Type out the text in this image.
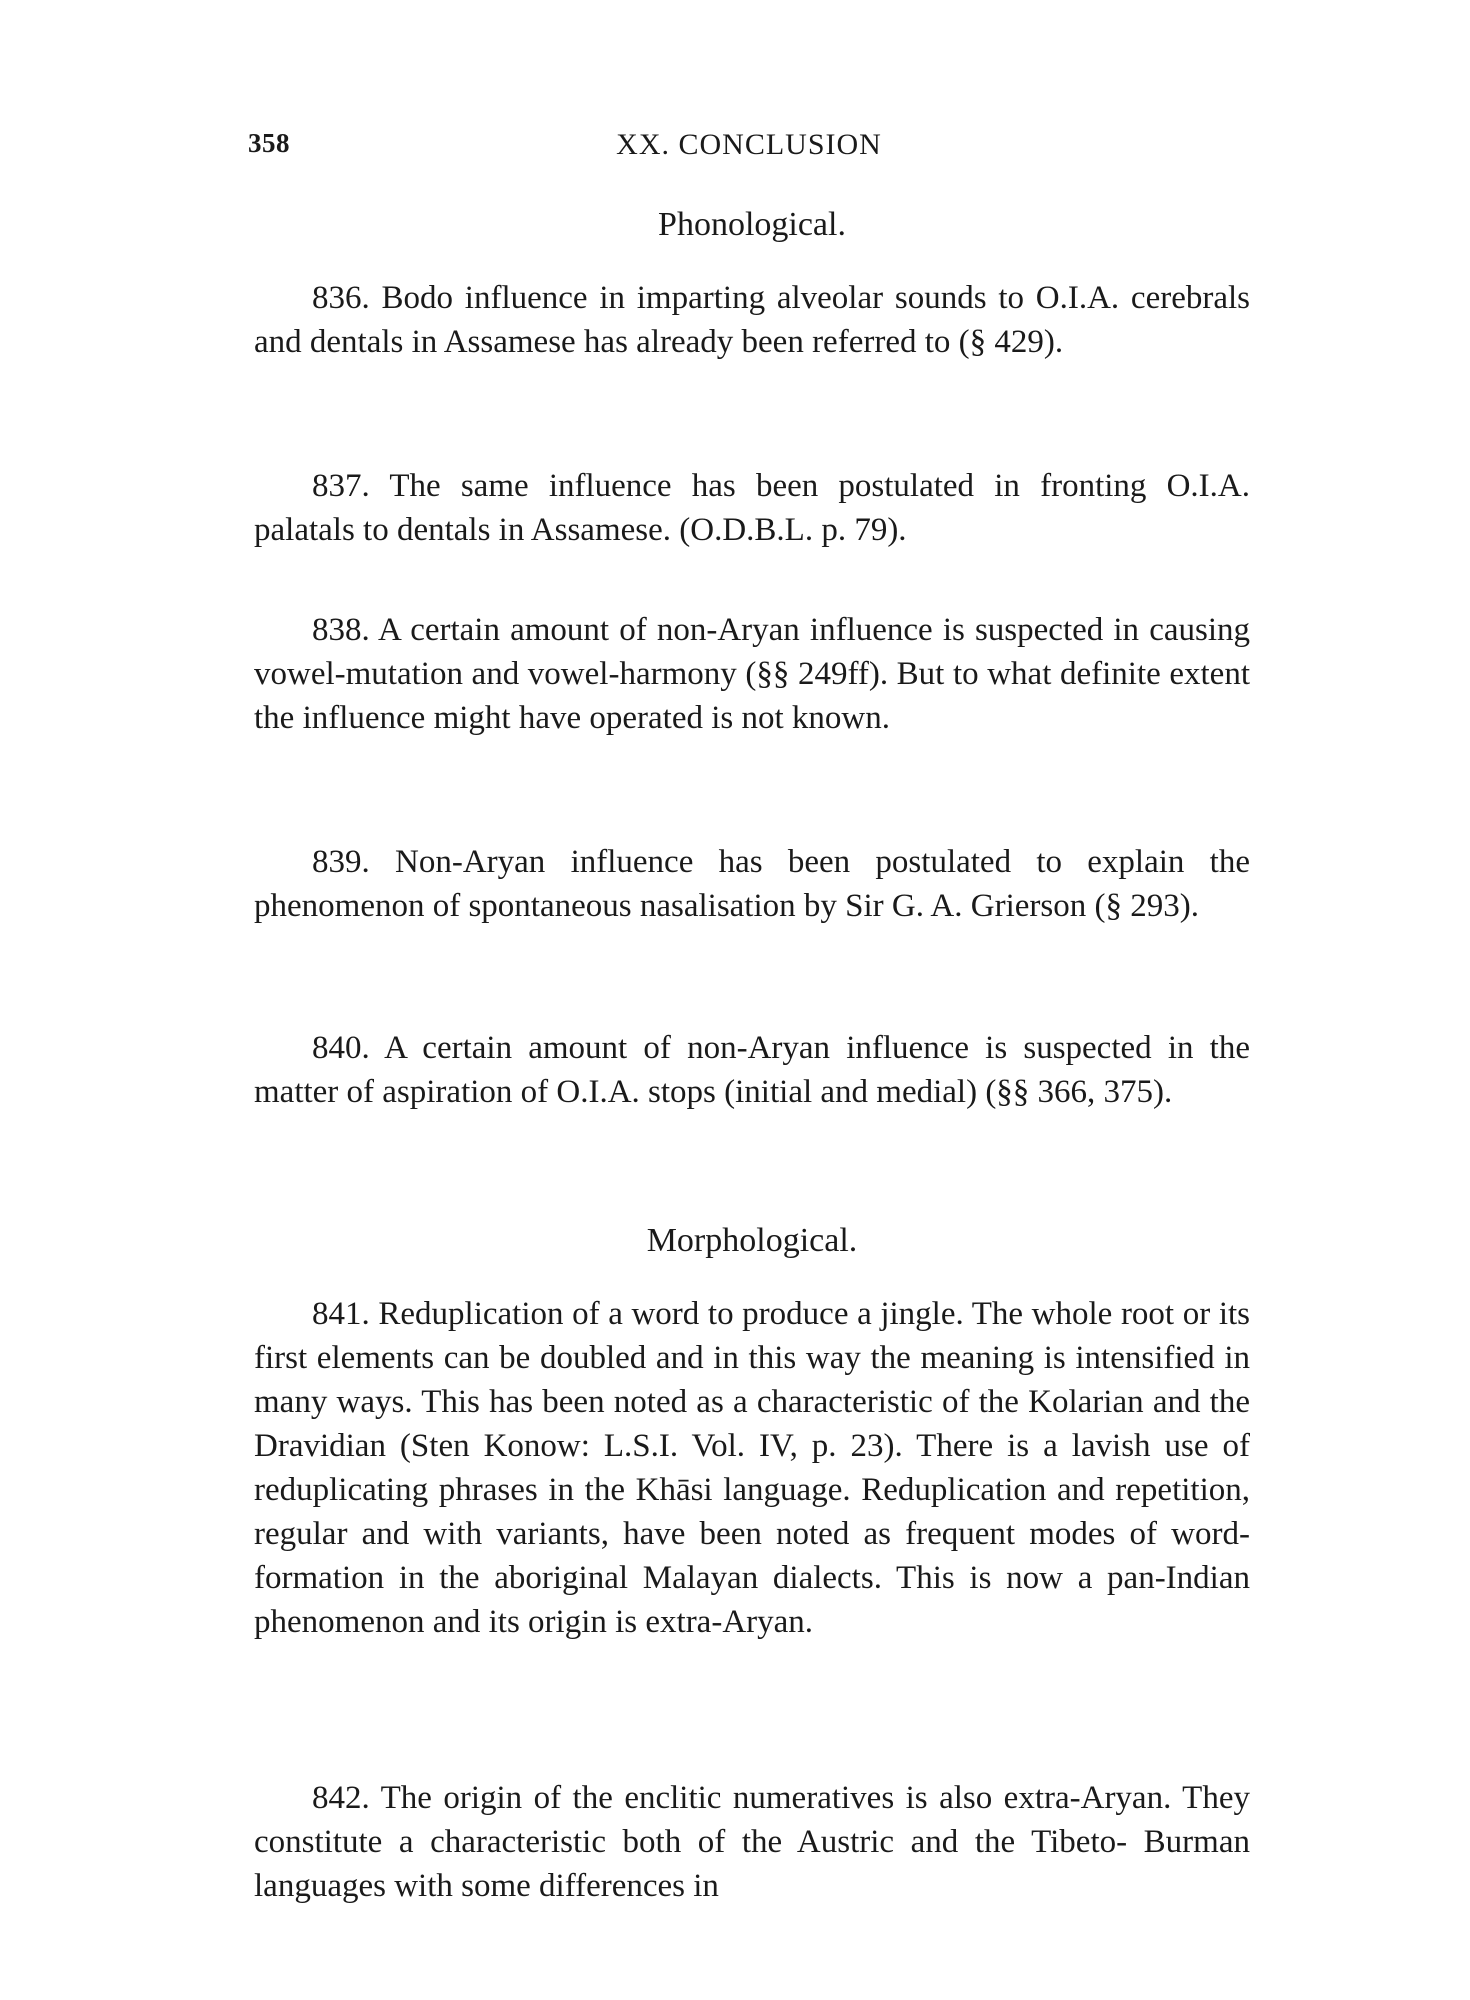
358	XX. CONCLUSION
Phonological.

836. Bodo influence in imparting alveolar sounds to O.I.A. cerebrals and dentals in Assamese has already been referred to (§ 429).

837. The same influence has been postulated in fronting O.I.A. palatals to dentals in Assamese. (O.D.B.L. p. 79).

838. A certain amount of non-Aryan influence is suspected in causing vowel-mutation and vowel-harmony (§§ 249ff). But to what definite extent the influence might have operated is not known.

839. Non-Aryan influence has been postulated to explain the phenomenon of spontaneous nasalisation by Sir G. A. Grierson (§ 293).

840. A certain amount of non-Aryan influence is suspected in the matter of aspiration of O.I.A. stops (initial and medial) (§§ 366, 375).

Morphological.

841. Reduplication of a word to produce a jingle. The whole root or its first elements can be doubled and in this way the meaning is intensified in many ways. This has been noted as a characteristic of the Kolarian and the Dravidian (Sten Konow: L.S.I. Vol. IV, p. 23). There is a lavish use of reduplicating phrases in the Khāsi language. Reduplication and repetition, regular and with variants, have been noted as frequent modes of word-formation in the aboriginal Malayan dialects. This is now a pan-Indian phenomenon and its origin is extra-Aryan.

842. The origin of the enclitic numeratives is also extra-Aryan. They constitute a characteristic both of the Austric and the Tibeto- Burman languages with some differences in
